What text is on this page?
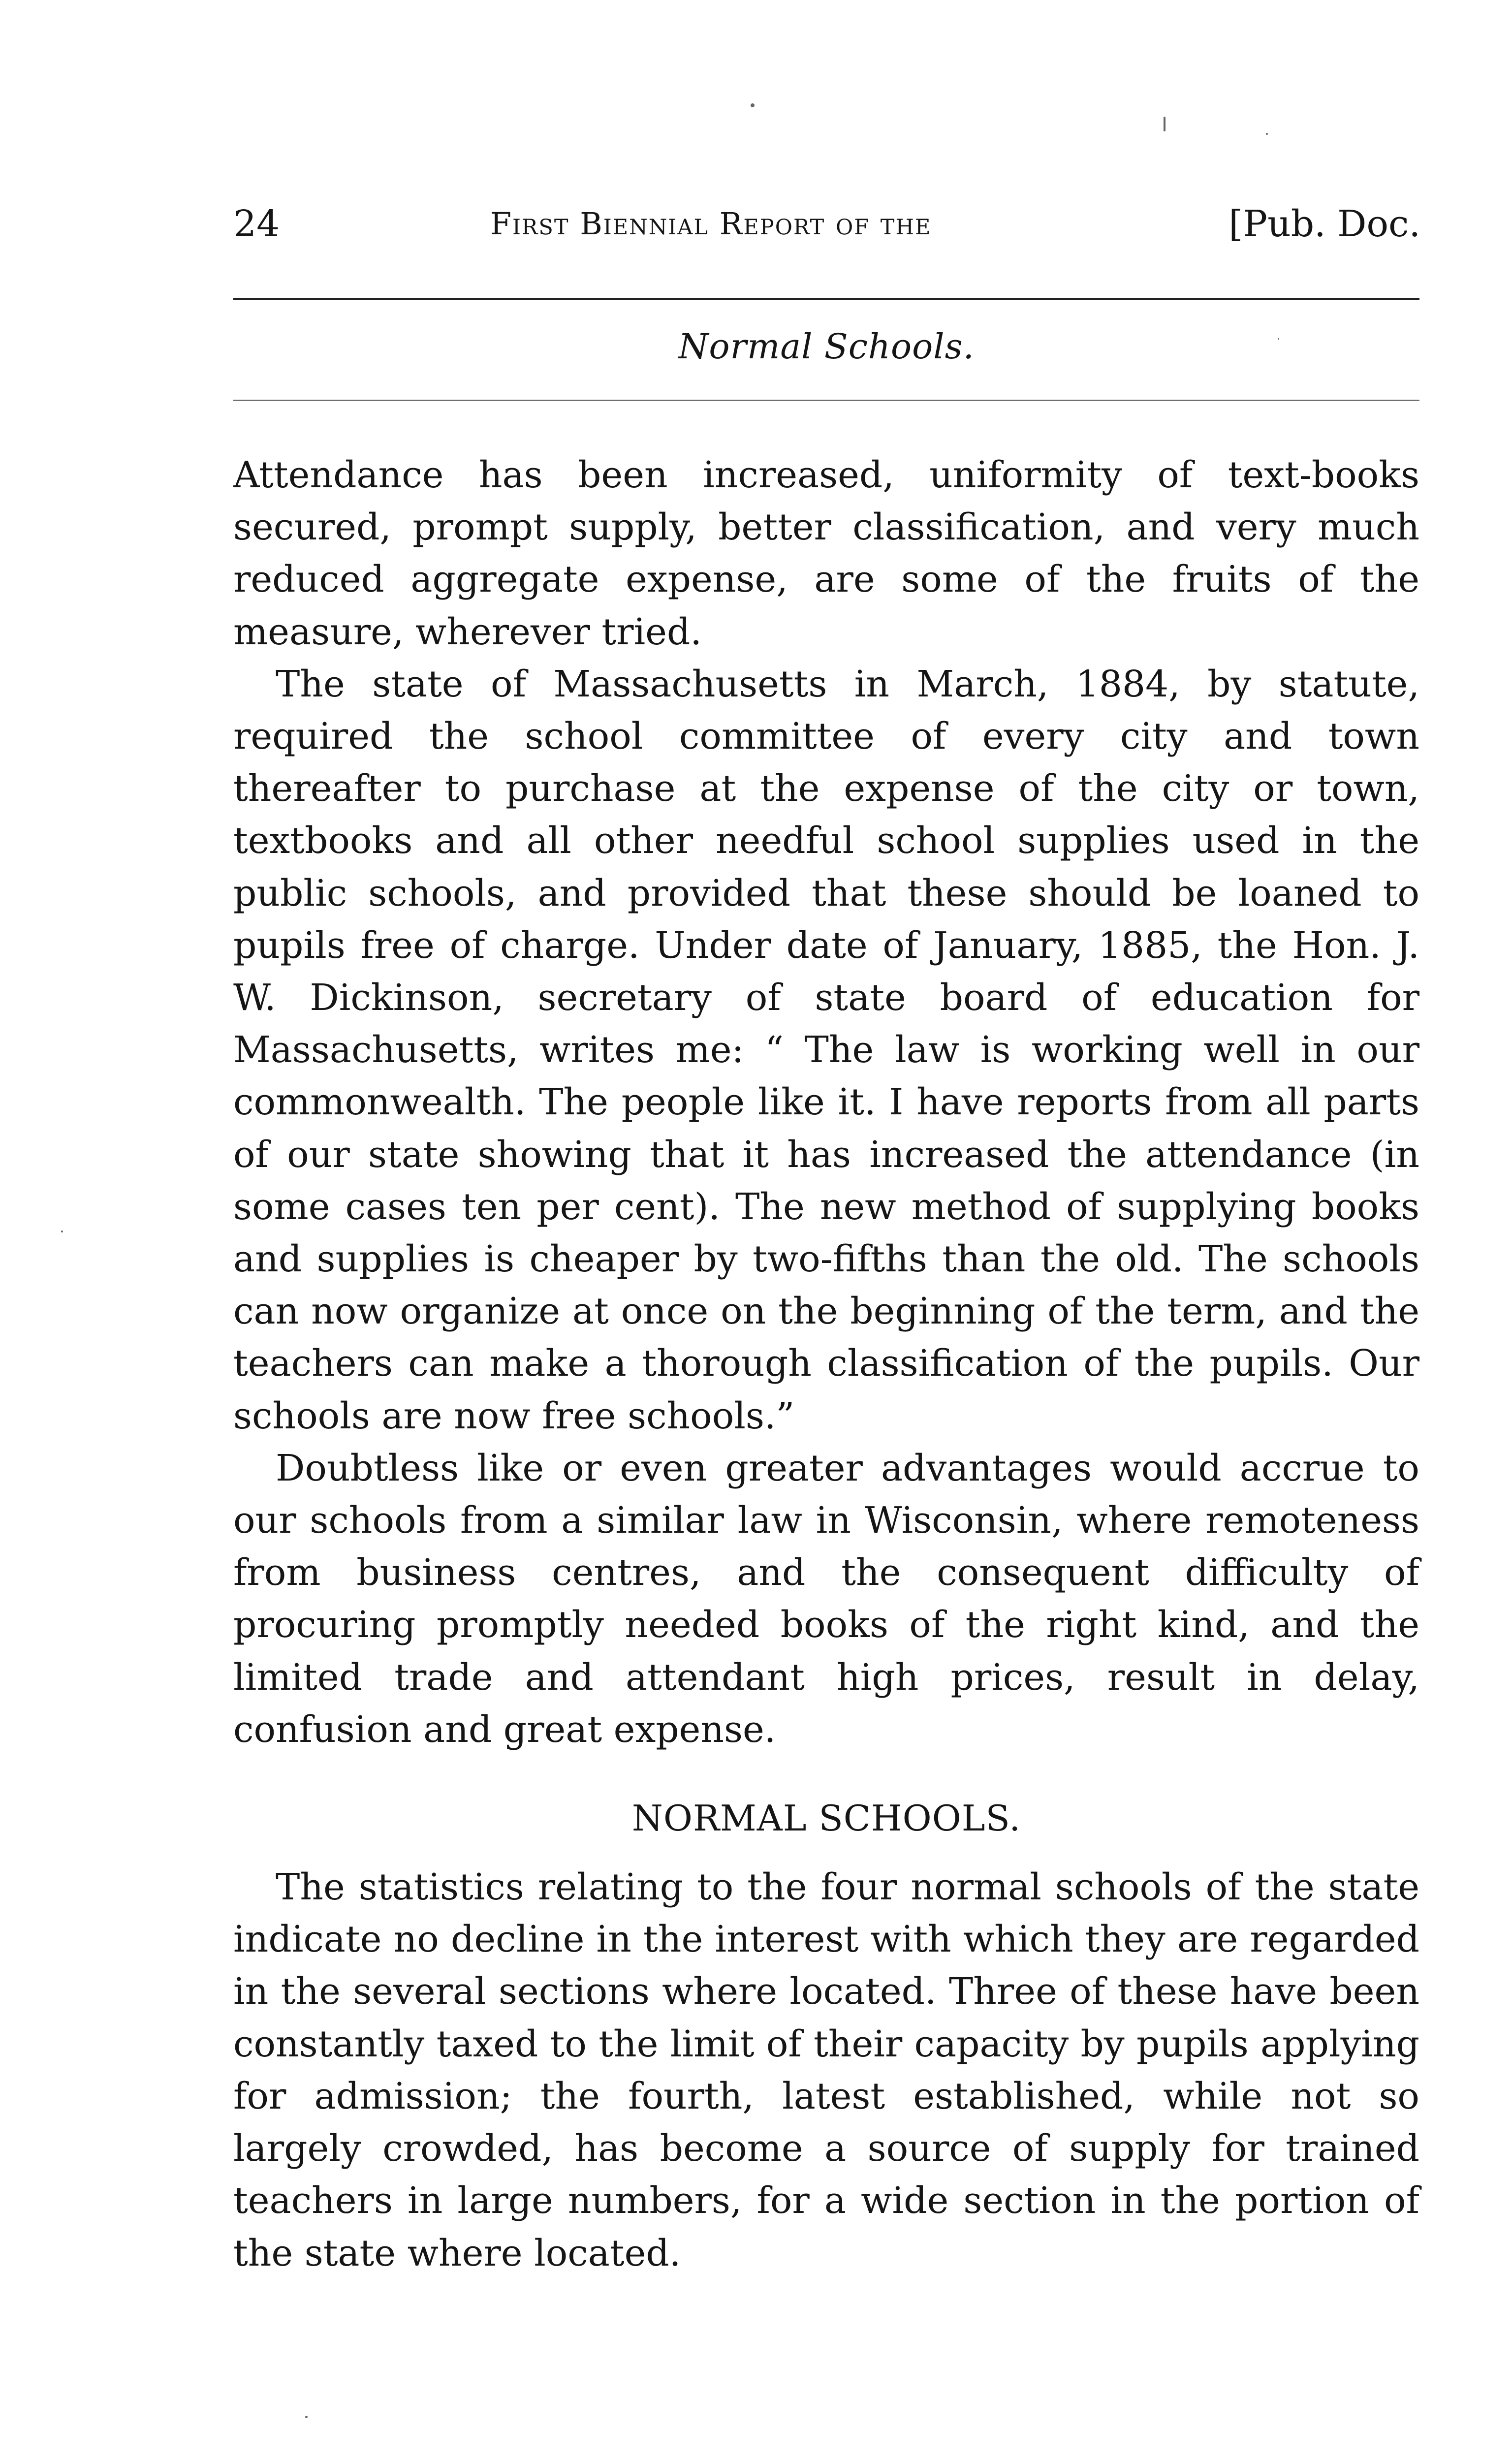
24	First Biennial Report of the	[Pub. Doc.
Normal Schools.

Attendance has been increased, uniformity of text-books secured, prompt supply, better classification, and very much reduced aggregate expense, are some of the fruits of the measure, wherever tried.

The state of Massachusetts in March, 1884, by statute, required the school committee of every city and town thereafter to purchase at the expense of the city or town, textbooks and all other needful school supplies used in the public schools, and provided that these should be loaned to pupils free of charge. Under date of January, 1885, the Hon. J. W. Dickinson, secretary of state board of education for Massachusetts, writes me: “ The law is working well in our commonwealth. The people like it. I have reports from all parts of our state showing that it has increased the attendance (in some cases ten per cent). The new method of supplying books and supplies is cheaper by two-fifths than the old. The schools can now organize at once on the beginning of the term, and the teachers can make a thorough classification of the pupils. Our schools are now free schools.”

Doubtless like or even greater advantages would accrue to our schools from a similar law in Wisconsin, where remoteness from business centres, and the consequent difficulty of procuring promptly needed books of the right kind, and the limited trade and attendant high prices, result in delay, confusion and great expense.

NORMAL SCHOOLS.

The statistics relating to the four normal schools of the state indicate no decline in the interest with which they are regarded in the several sections where located. Three of these have been constantly taxed to the limit of their capacity by pupils applying for admission; the fourth, latest established, while not so largely crowded, has become a source of supply for trained teachers in large numbers, for a wide section in the portion of the state where located.
